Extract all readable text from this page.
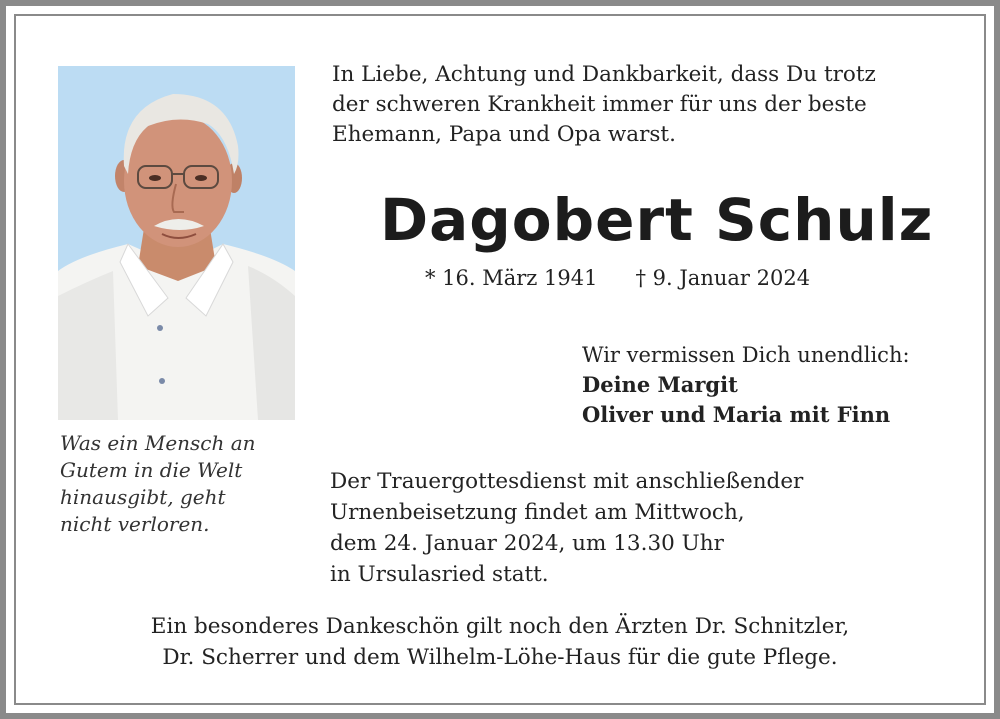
Was ein Mensch an
Gutem in die Welt
hinausgibt, geht
nicht verloren.
In Liebe, Achtung und Dankbarkeit, dass Du trotz
der schweren Krankheit immer für uns der beste
Ehemann, Papa und Opa warst.
Dagobert Schulz
* 16. März 1941 † 9. Januar 2024
Wir vermissen Dich unendlich:
Deine Margit
Oliver und Maria mit Finn
Der Trauergottesdienst mit anschließender
Urnenbeisetzung findet am Mittwoch,
dem 24. Januar 2024, um 13.30 Uhr
in Ursulasried statt.
Ein besonderes Dankeschön gilt noch den Ärzten Dr. Schnitzler,
Dr. Scherrer und dem Wilhelm-Löhe-Haus für die gute Pflege.
